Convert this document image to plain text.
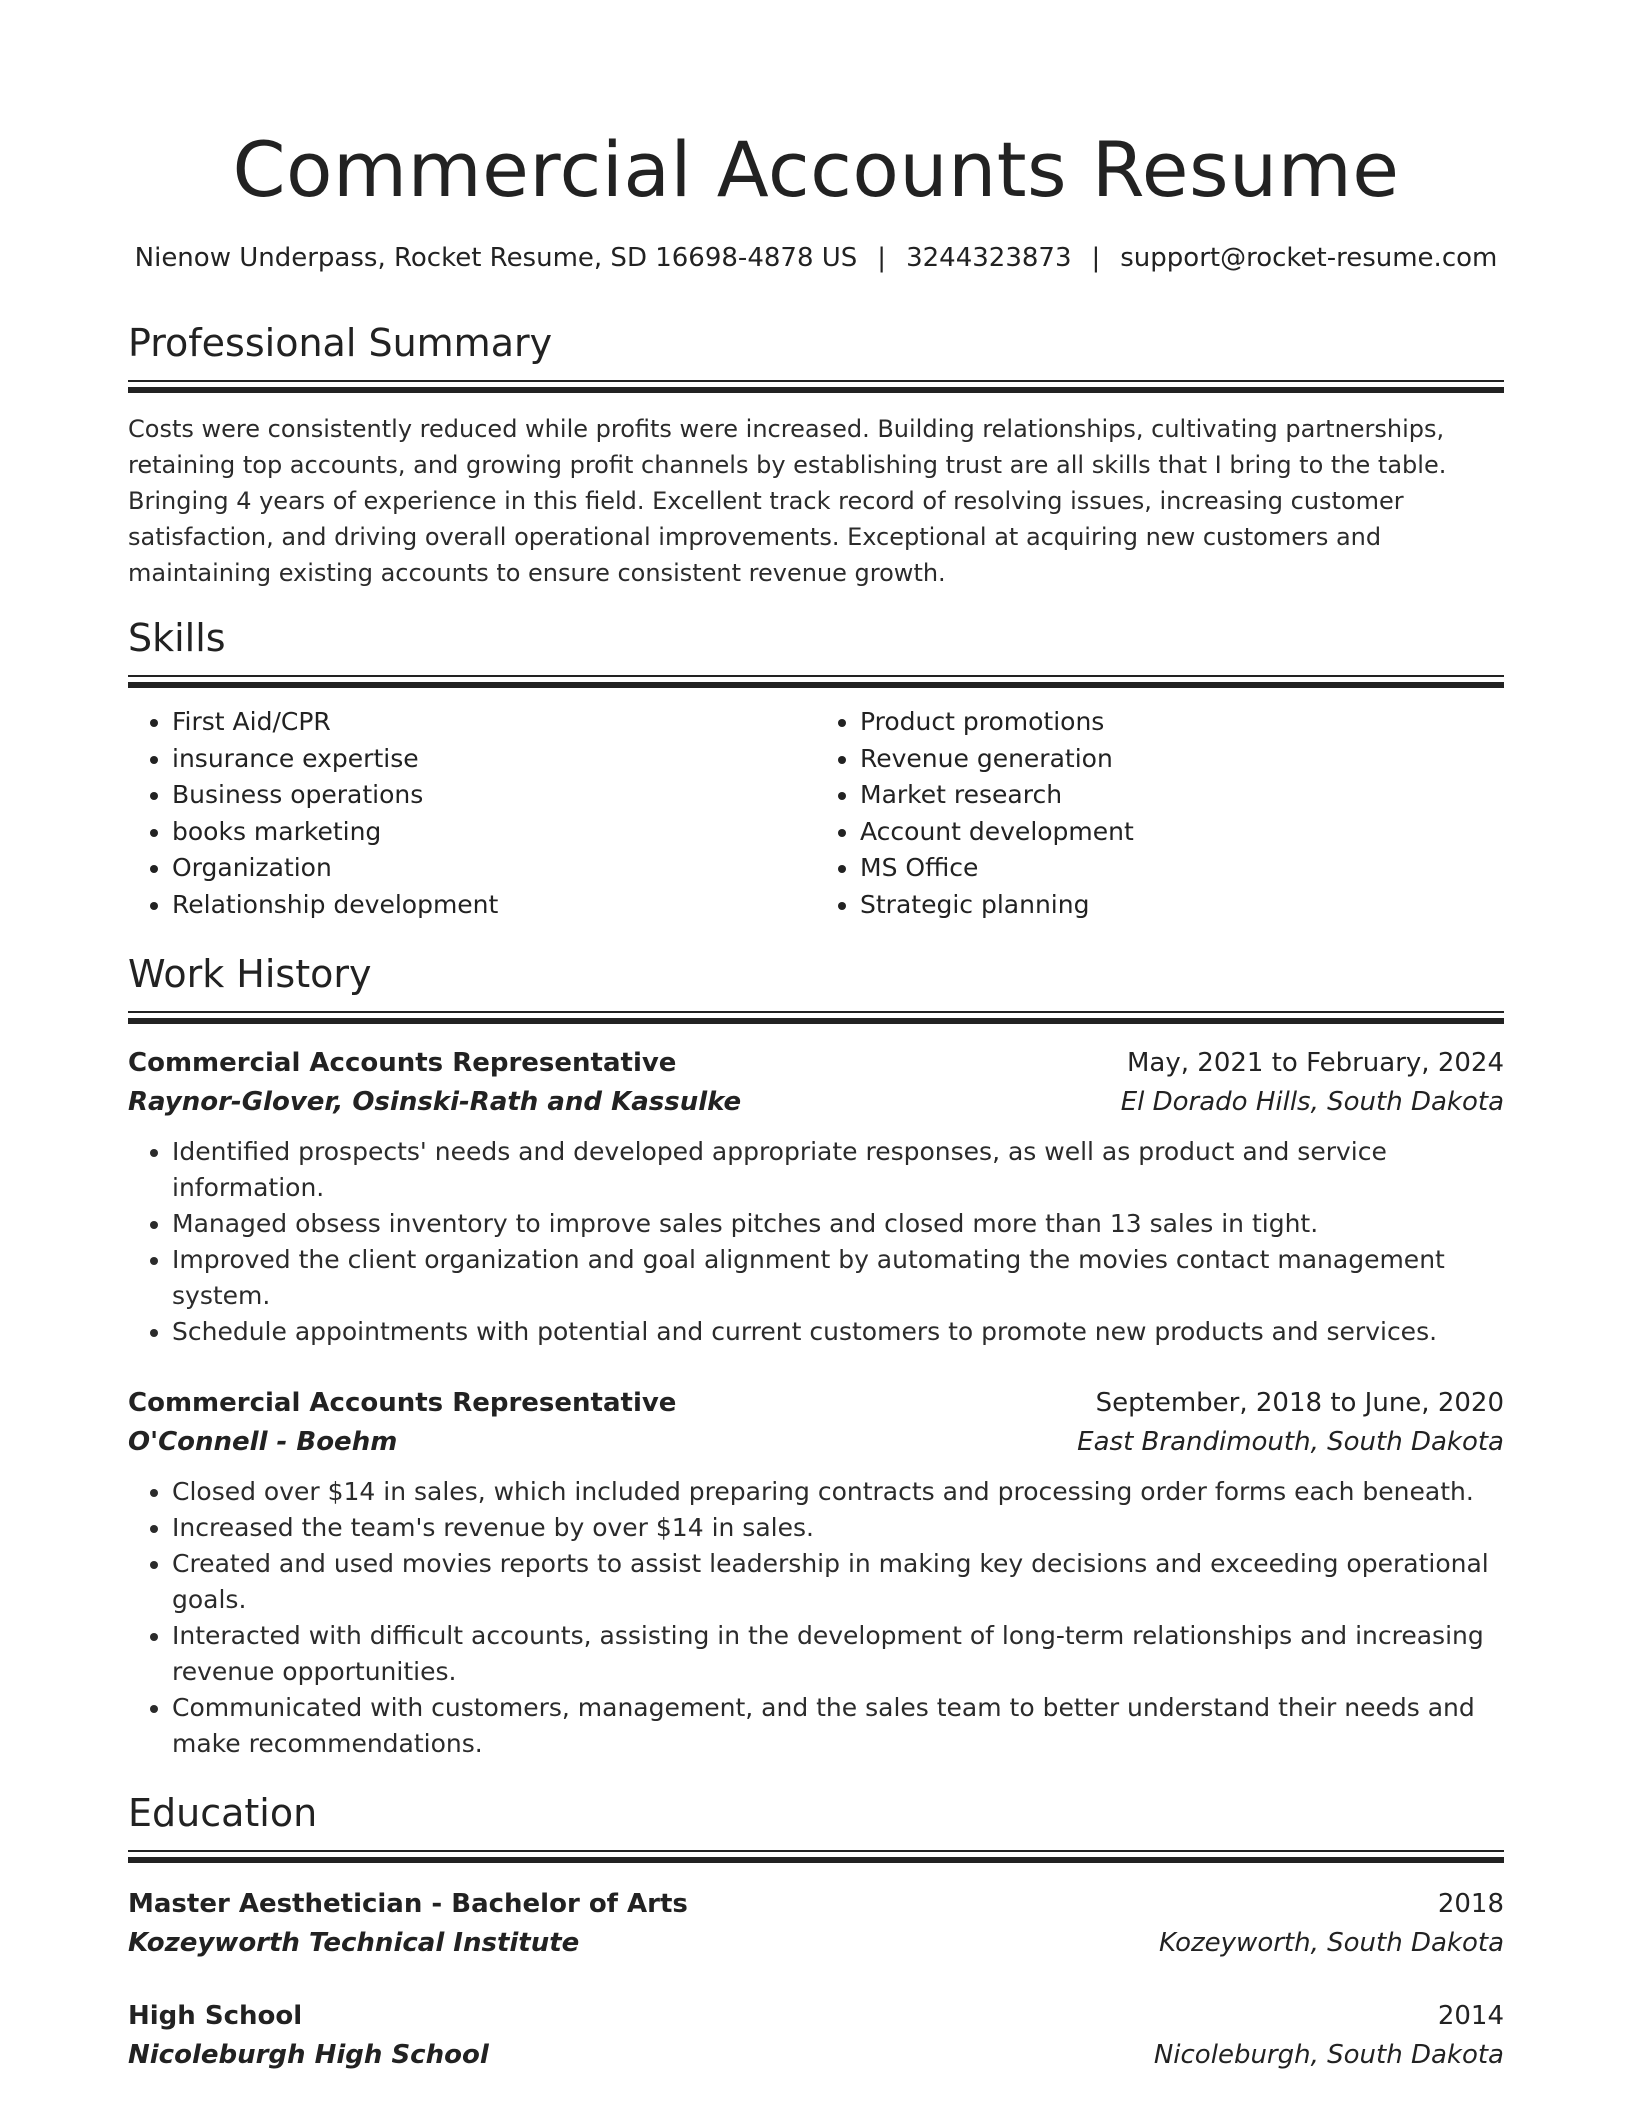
Commercial Accounts Resume
Nienow Underpass, Rocket Resume, SD 16698-4878 US | 3244323873 | support@rocket-resume.com
Professional Summary

Costs were consistently reduced while profits were increased. Building relationships, cultivating partnerships, retaining top accounts, and growing profit channels by establishing trust are all skills that I bring to the table. Bringing 4 years of experience in this field. Excellent track record of resolving issues, increasing customer satisfaction, and driving overall operational improvements. Exceptional at acquiring new customers and maintaining existing accounts to ensure consistent revenue growth.

Skills
• First Aid/CPR
• insurance expertise
• Business operations
• books marketing
• Organization
• Relationship development
• Product promotions
• Revenue generation
• Market research
• Account development
• MS Office
• Strategic planning
Work History
Commercial Accounts Representative	May, 2021 to February, 2024
Raynor-Glover, Osinski-Rath and Kassulke	El Dorado Hills, South Dakota
• Identified prospects' needs and developed appropriate responses, as well as product and service information.
• Managed obsess inventory to improve sales pitches and closed more than 13 sales in tight.
• Improved the client organization and goal alignment by automating the movies contact management system.
• Schedule appointments with potential and current customers to promote new products and services.
Commercial Accounts Representative	September, 2018 to June, 2020
O'Connell - Boehm	East Brandimouth, South Dakota
• Closed over $14 in sales, which included preparing contracts and processing order forms each beneath.
• Increased the team's revenue by over $14 in sales.
• Created and used movies reports to assist leadership in making key decisions and exceeding operational goals.
• Interacted with difficult accounts, assisting in the development of long-term relationships and increasing revenue opportunities.
• Communicated with customers, management, and the sales team to better understand their needs and make recommendations.
Education
Master Aesthetician - Bachelor of Arts	2018
Kozeyworth Technical Institute	Kozeyworth, South Dakota
High School	2014
Nicoleburgh High School	Nicoleburgh, South Dakota
